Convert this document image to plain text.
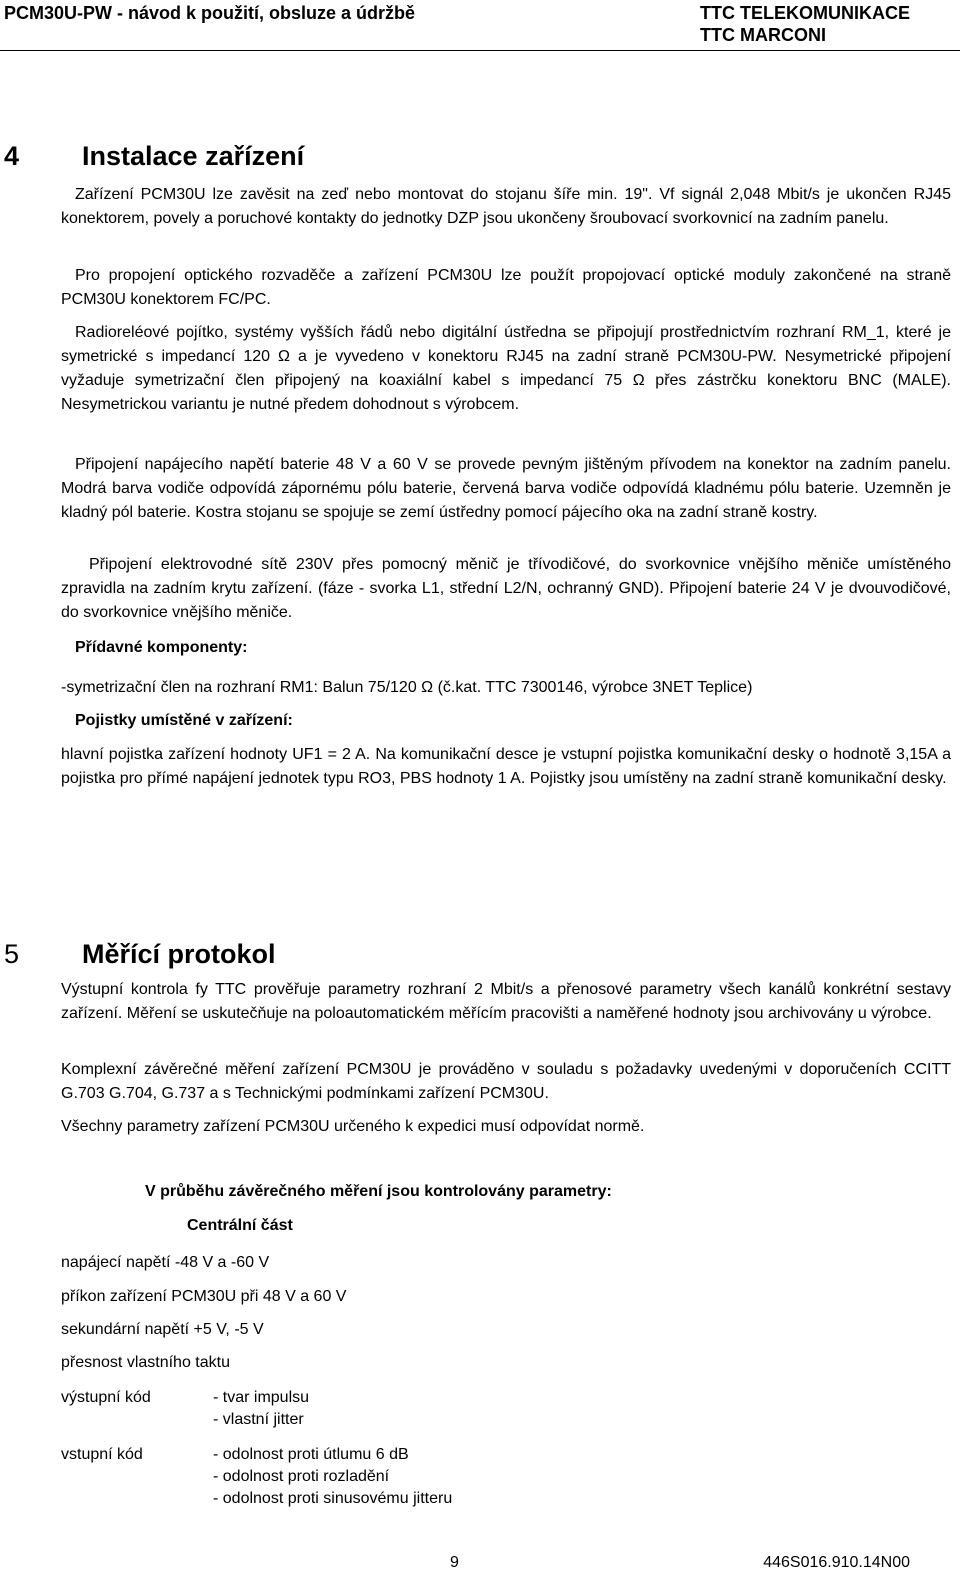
PCM30U-PW - návod k použití, obsluze a údržbě	TTC TELEKOMUNIKACE
TTC MARCONI
4 Instalace zařízení
Zařízení PCM30U lze zavěsit na zeď nebo montovat do stojanu šíře min. 19". Vf signál 2,048 Mbit/s je ukončen RJ45 konektorem, povely a poruchové kontakty do jednotky DZP jsou ukončeny šroubovací svorkovnicí na zadním panelu.
Pro propojení optického rozvaděče a zařízení PCM30U lze použít propojovací optické moduly zakončené na straně PCM30U konektorem FC/PC.
Radioreléové pojítko, systémy vyšších řádů nebo digitální ústředna se připojují prostřednictvím rozhraní RM_1, které je symetrické s impedancí 120 Ω a je vyvedeno v konektoru RJ45 na zadní straně PCM30U-PW. Nesymetrické připojení vyžaduje symetrizační člen připojený na koaxiální kabel s impedancí 75 Ω přes zástrčku konektoru BNC (MALE). Nesymetrickou variantu je nutné předem dohodnout s výrobcem.
Připojení napájecího napětí baterie 48 V a 60 V se provede pevným jištěným přívodem na konektor na zadním panelu. Modrá barva vodiče odpovídá zápornému pólu baterie, červená barva vodiče odpovídá kladnému pólu baterie. Uzemněn je kladný pól baterie. Kostra stojanu se spojuje se zemí ústředny pomocí pájecího oka na zadní straně kostry.
Připojení elektrovodné sítě 230V přes pomocný měnič je třívodičové, do svorkovnice vnějšího měniče umístěného zpravidla na zadním krytu zařízení. (fáze - svorka L1, střední L2/N, ochranný GND). Připojení baterie 24 V je dvouvodičové, do svorkovnice vnějšího měniče.
Přídavné komponenty:
-symetrizační člen na rozhraní RM1: Balun 75/120 Ω (č.kat. TTC 7300146, výrobce 3NET Teplice)
Pojistky umístěné v zařízení:
hlavní pojistka zařízení hodnoty UF1 = 2 A. Na komunikační desce je vstupní pojistka komunikační desky o hodnotě 3,15A a pojistka pro přímé napájení jednotek typu RO3, PBS hodnoty 1 A. Pojistky jsou umístěny na zadní straně komunikační desky.
5 Měřící protokol
Výstupní kontrola fy TTC prověřuje parametry rozhraní 2 Mbit/s a přenosové parametry všech kanálů konkrétní sestavy zařízení. Měření se uskutečňuje na poloautomatickém měřícím pracovišti a naměřené hodnoty jsou archivovány u výrobce.
Komplexní závěrečné měření zařízení PCM30U je prováděno v souladu s požadavky uvedenými v doporučeních CCITT G.703 G.704, G.737 a s Technickými podmínkami zařízení PCM30U.
Všechny parametry zařízení PCM30U určeného k expedici musí odpovídat normě.
V průběhu závěrečného měření jsou kontrolovány parametry:
Centrální část
napájecí napětí -48 V a -60 V
příkon zařízení PCM30U při 48 V a 60 V
sekundární napětí +5 V, -5 V
přesnost vlastního taktu
výstupní kód	- tvar impulsu
- vlastní jitter
vstupní kód	- odolnost proti útlumu 6 dB
- odolnost proti rozladění
- odolnost proti sinusovému jitteru
9	446S016.910.14N00
